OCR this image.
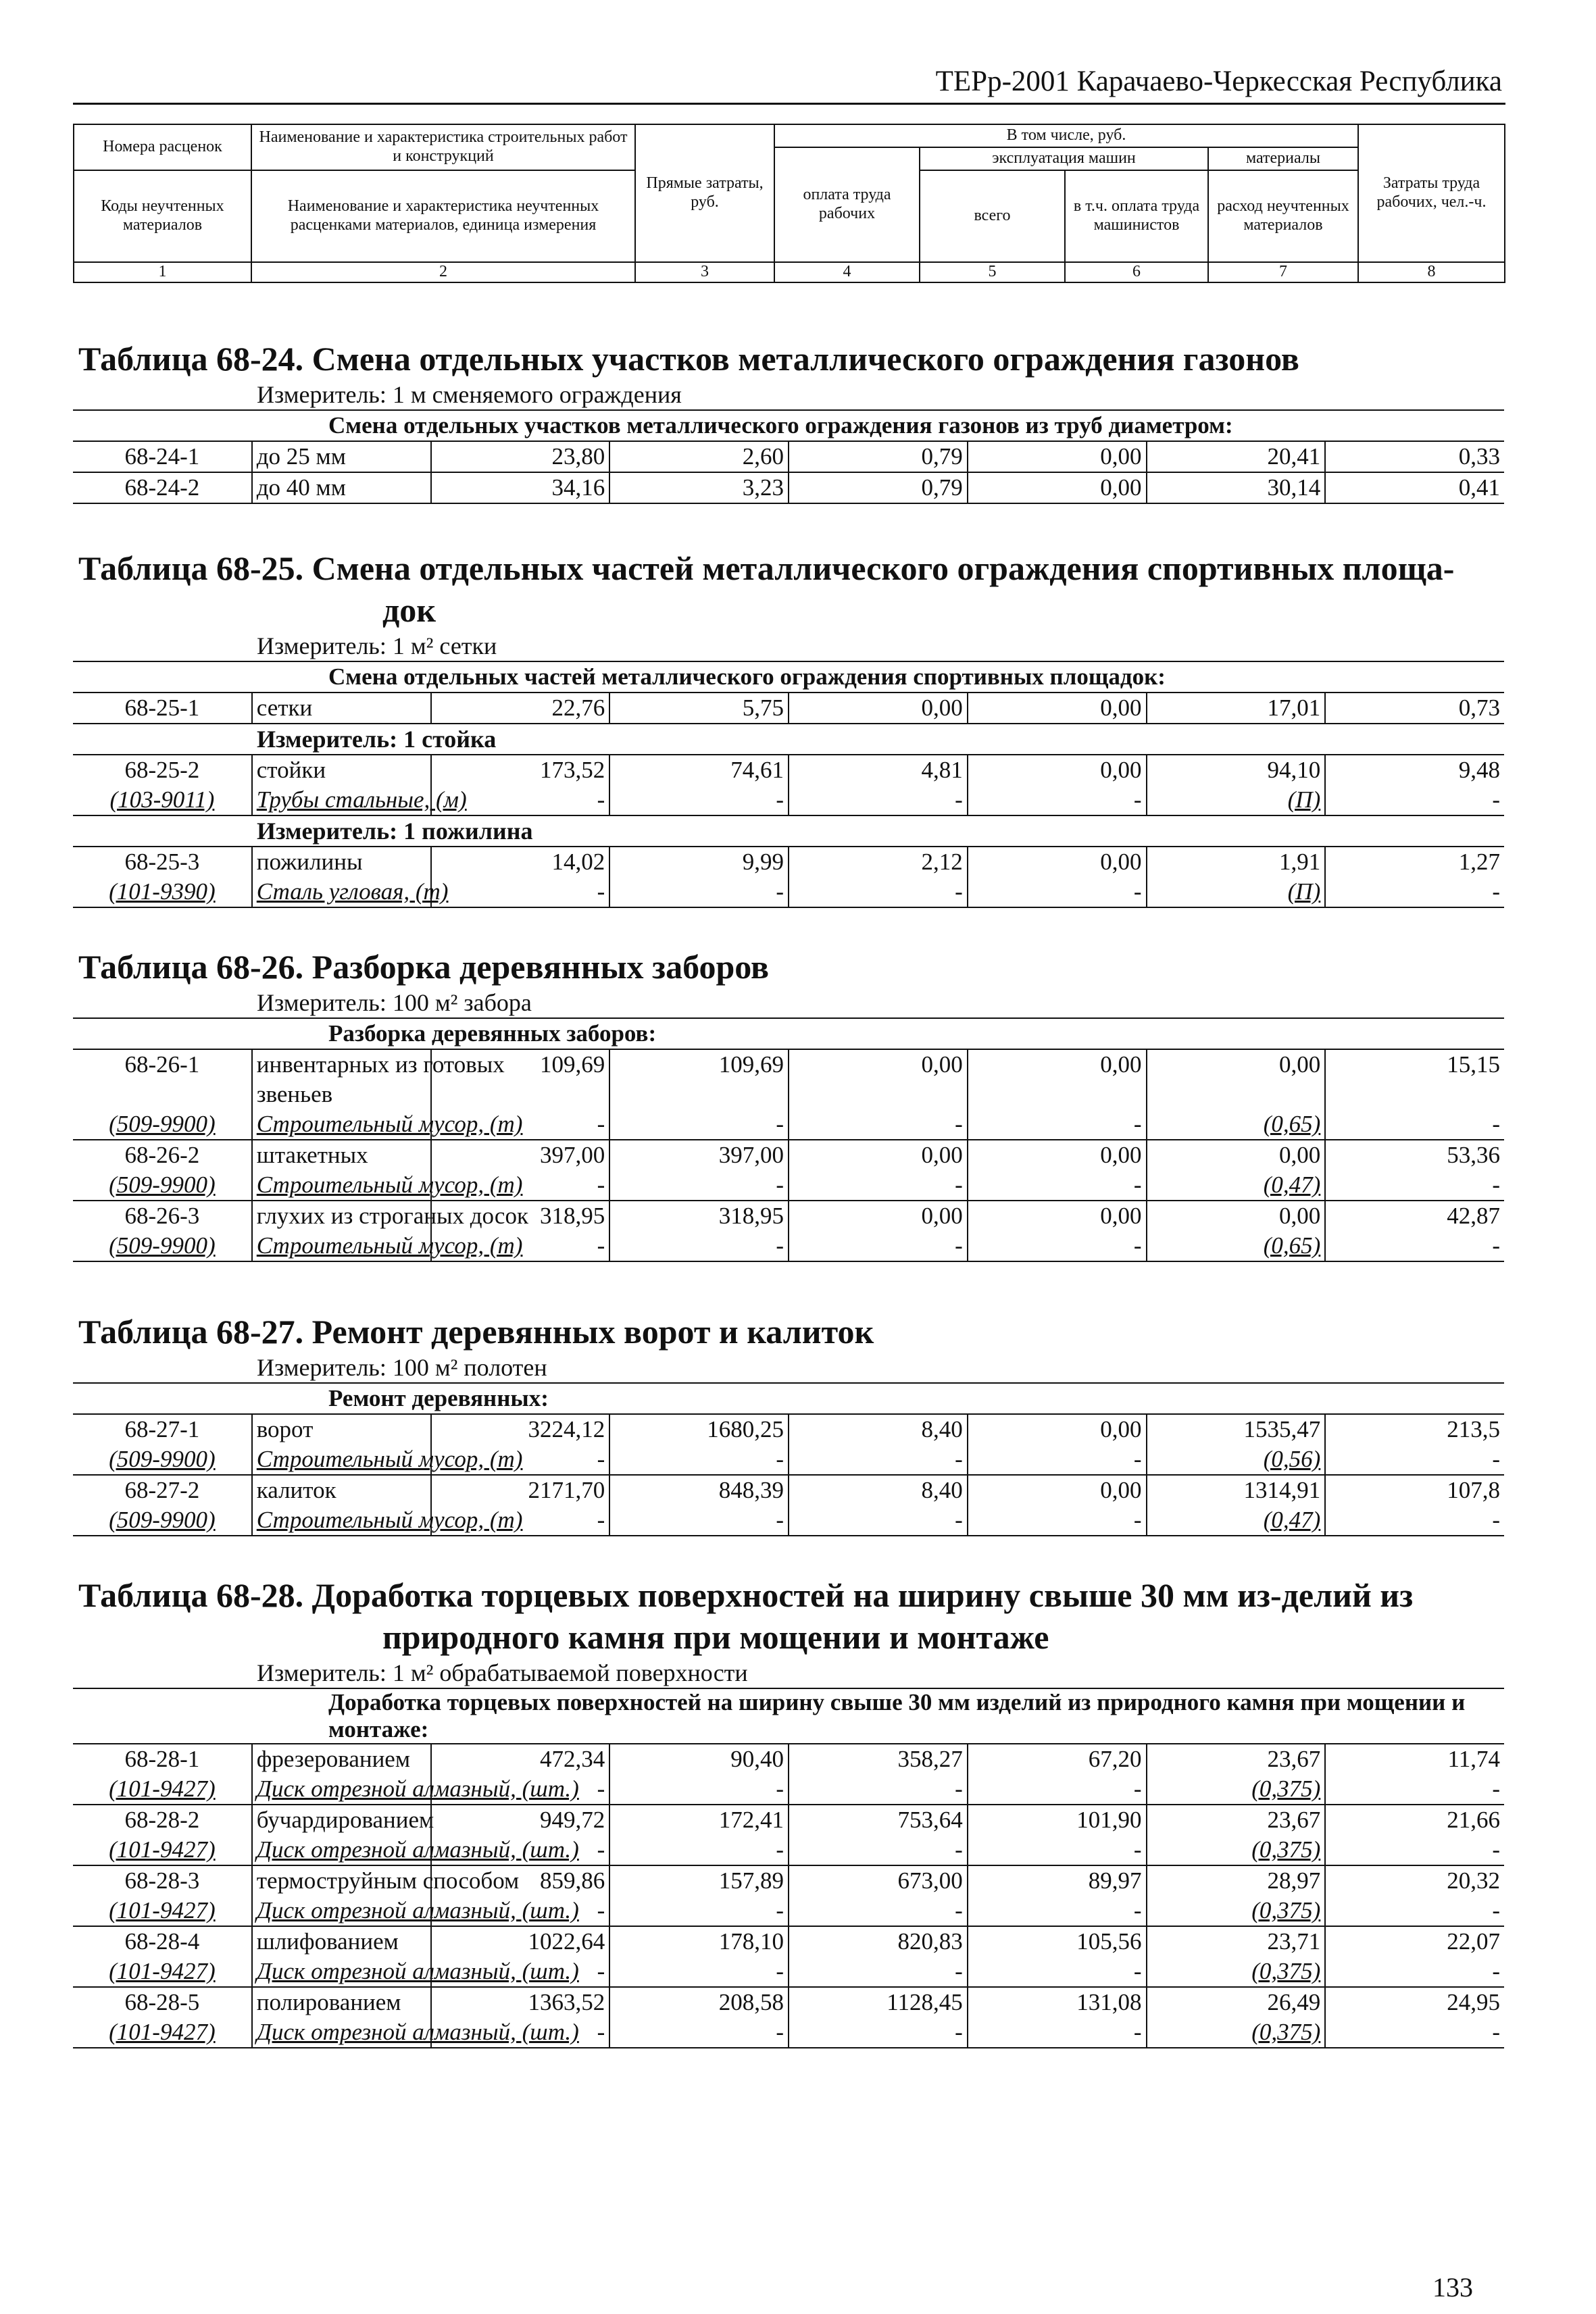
ТЕРр-2001 Карачаево-Черкесская Республика
Номера расценок	Наименование и характеристика строительных работ и конструкций	Прямые затраты, руб.	В том числе, руб.				Затраты труда рабочих, чел.-ч.
			оплата труда рабочих	эксплуатация машин		материалы	
Коды неучтенных материалов	Наименование и характеристика неучтенных расценками материалов, единица измерения			всего	в т.ч. оплата труда машинистов	расход неучтенных материалов	

1	2	3	4	5	6	7	8
Таблица 68-24. Смена отдельных участков металлического ограждения газонов
Измеритель: 1 м сменяемого ограждения							
Смена отдельных участков металлического ограждения газонов из труб диаметром:							
68-24-1	до 25 мм	23,80	2,60	0,79	0,00	20,41	0,33
68-24-2	до 40 мм	34,16	3,23	0,79	0,00	30,14	0,41
Таблица 68-25. Смена отдельных частей металлического ограждения спортивных площа-
док
Измеритель: 1 м² сетки							
Смена отдельных частей металлического ограждения спортивных площадок:							
68-25-1	сетки	22,76	5,75	0,00	0,00	17,01	0,73
Измеритель: 1 стойка							
68-25-2	стойки	173,52	74,61	4,81	0,00	94,10	9,48
(103-9011)	Трубы стальные, (м)	-	-	-	-	(П)	-
Измеритель: 1 пожилина							
68-25-3	пожилины	14,02	9,99	2,12	0,00	1,91	1,27
(101-9390)	Сталь угловая, (т)	-	-	-	-	(П)	-
Таблица 68-26. Разборка деревянных заборов
Измеритель: 100 м² забора							
Разборка деревянных заборов:							
68-26-1	инвентарных из готовых	109,69	109,69	0,00	0,00	0,00	15,15
	звеньев						
(509-9900)	Строительный мусор, (т)	-	-	-	-	(0,65)	-
68-26-2	штакетных	397,00	397,00	0,00	0,00	0,00	53,36
(509-9900)	Строительный мусор, (т)	-	-	-	-	(0,47)	-
68-26-3	глухих из строганых досок	318,95	318,95	0,00	0,00	0,00	42,87
(509-9900)	Строительный мусор, (т)	-	-	-	-	(0,65)	-
Таблица 68-27. Ремонт деревянных ворот и калиток
Измеритель: 100 м² полотен							
Ремонт деревянных:							
68-27-1	ворот	3224,12	1680,25	8,40	0,00	1535,47	213,5
(509-9900)	Строительный мусор, (т)	-	-	-	-	(0,56)	-
68-27-2	калиток	2171,70	848,39	8,40	0,00	1314,91	107,8
(509-9900)	Строительный мусор, (т)	-	-	-	-	(0,47)	-
Таблица 68-28. Доработка торцевых поверхностей на ширину свыше 30 мм из-делий из
природного камня при мощении и монтаже
Измеритель: 1 м² обрабатываемой поверхности							
Доработка торцевых поверхностей на ширину свыше 30 мм изделий из природного камня при мощении и монтаже:							
68-28-1	фрезерованием	472,34	90,40	358,27	67,20	23,67	11,74
(101-9427)	Диск отрезной алмазный, (шт.)	-	-	-	-	(0,375)	-
68-28-2	бучардированием	949,72	172,41	753,64	101,90	23,67	21,66
(101-9427)	Диск отрезной алмазный, (шт.)	-	-	-	-	(0,375)	-
68-28-3	термоструйным способом	859,86	157,89	673,00	89,97	28,97	20,32
(101-9427)	Диск отрезной алмазный, (шт.)	-	-	-	-	(0,375)	-
68-28-4	шлифованием	1022,64	178,10	820,83	105,56	23,71	22,07
(101-9427)	Диск отрезной алмазный, (шт.)	-	-	-	-	(0,375)	-
68-28-5	полированием	1363,52	208,58	1128,45	131,08	26,49	24,95
(101-9427)	Диск отрезной алмазный, (шт.)	-	-	-	-	(0,375)	-
133
